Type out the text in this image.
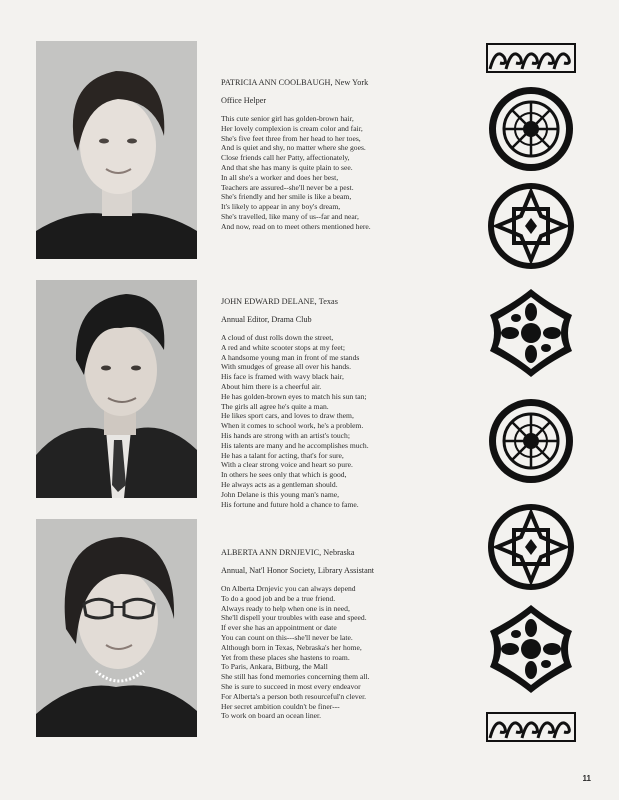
PATRICIA ANN COOLBAUGH, New York
Office Helper
This cute senior girl has golden-brown hair,
Her lovely complexion is cream color and fair,
She's five feet three from her head to her toes,
And is quiet and shy, no matter where she goes.
Close friends call her Patty, affectionately,
And that she has many is quite plain to see.
In all she's a worker and does her best,
Teachers are assured--she'll never be a pest.
She's friendly and her smile is like a beam,
It's likely to appear in any boy's dream,
She's travelled, like many of us--far and near,
And now, read on to meet others mentioned here.
JOHN EDWARD DELANE, Texas
Annual Editor, Drama Club
A cloud of dust rolls down the street,
A red and white scooter stops at my feet;
A handsome young man in front of me stands
With smudges of grease all over his hands.
His face is framed with wavy black hair,
About him there is a cheerful air.
He has golden-brown eyes to match his sun tan;
The girls all agree he's quite a man.
He likes sport cars, and loves to draw them,
When it comes to school work, he's a problem.
His hands are strong with an artist's touch;
His talents are many and he accomplishes much.
He has a talant for acting, that's for sure,
With a clear strong voice and heart so pure.
In others he sees only that which is good,
He always acts as a gentleman should.
John Delane is this young man's name,
His fortune and future hold a chance to fame.
ALBERTA ANN DRNJEVIC, Nebraska
Annual, Nat'l Honor Society, Library Assistant
On Alberta Drnjevic you can always depend
To do a good job and be a true friend.
Always ready to help when one is in need,
She'll dispell your troubles with ease and speed.
If ever she has an appointment or date
You can count on this---she'll never be late.
Although born in Texas, Nebraska's her home,
Yet from these places she hastens to roam.
To Paris, Ankara, Bitburg, the Mall
She still has fond memories concerning them all.
She is sure to succeed in most every endeavor
For Alberta's a person both resourceful'n clever.
Her secret ambition couldn't be finer---
To work on board an ocean liner.
11
